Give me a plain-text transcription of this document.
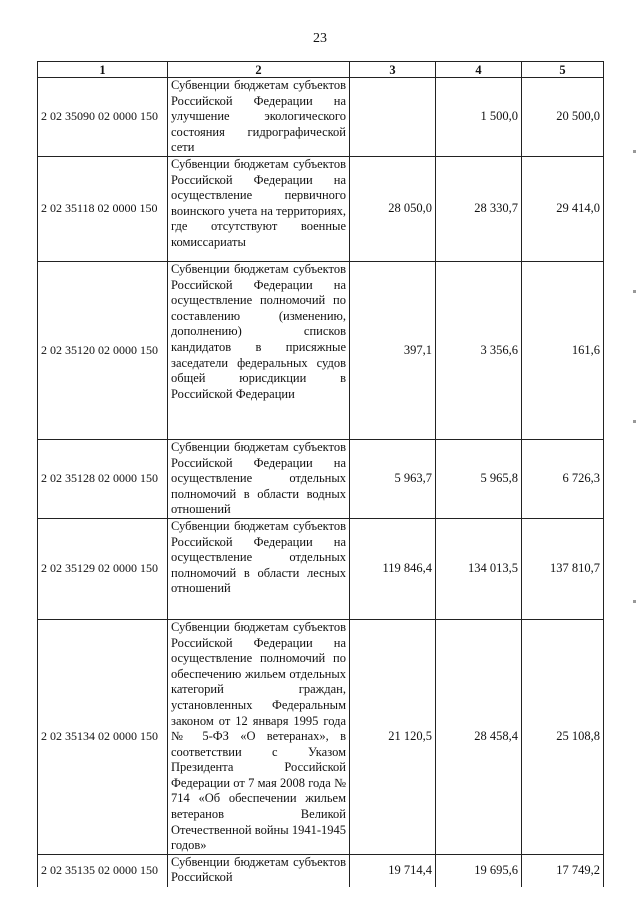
23
1	2	3	4	5
2 02 35090 02 0000 150	Субвенции бюджетам субъектов Российской Федерации на улучшение экологического состояния гидрографической сети		1 500,0	20 500,0
2 02 35118 02 0000 150	Субвенции бюджетам субъектов Российской Федерации на осуществление первичного воинского учета на территориях, где отсутствуют военные комиссариаты	28 050,0	28 330,7	29 414,0
2 02 35120 02 0000 150	Субвенции бюджетам субъектов Российской Федерации на осуществление полномочий по составлению (изменению, дополнению) списков кандидатов в присяжные заседатели федеральных судов общей юрисдикции в Российской Федерации	397,1	3 356,6	161,6
2 02 35128 02 0000 150	Субвенции бюджетам субъектов Российской Федерации на осуществление отдельных полномочий в области водных отношений	5 963,7	5 965,8	6 726,3
2 02 35129 02 0000 150	Субвенции бюджетам субъектов Российской Федерации на осуществление отдельных полномочий в области лесных отношений	119 846,4	134 013,5	137 810,7
2 02 35134 02 0000 150	Субвенции бюджетам субъектов Российской Федерации на осуществление полномочий по обеспечению жильем отдельных категорий граждан, установленных Федеральным законом от 12 января 1995 года № 5-ФЗ «О ветеранах», в соответствии с Указом Президента Российской Федерации от 7 мая 2008 года № 714 «Об обеспечении жильем ветеранов Великой Отечественной войны 1941-1945 годов»	21 120,5	28 458,4	25 108,8
2 02 35135 02 0000 150	Субвенции бюджетам субъектов Российской	19 714,4	19 695,6	17 749,2
